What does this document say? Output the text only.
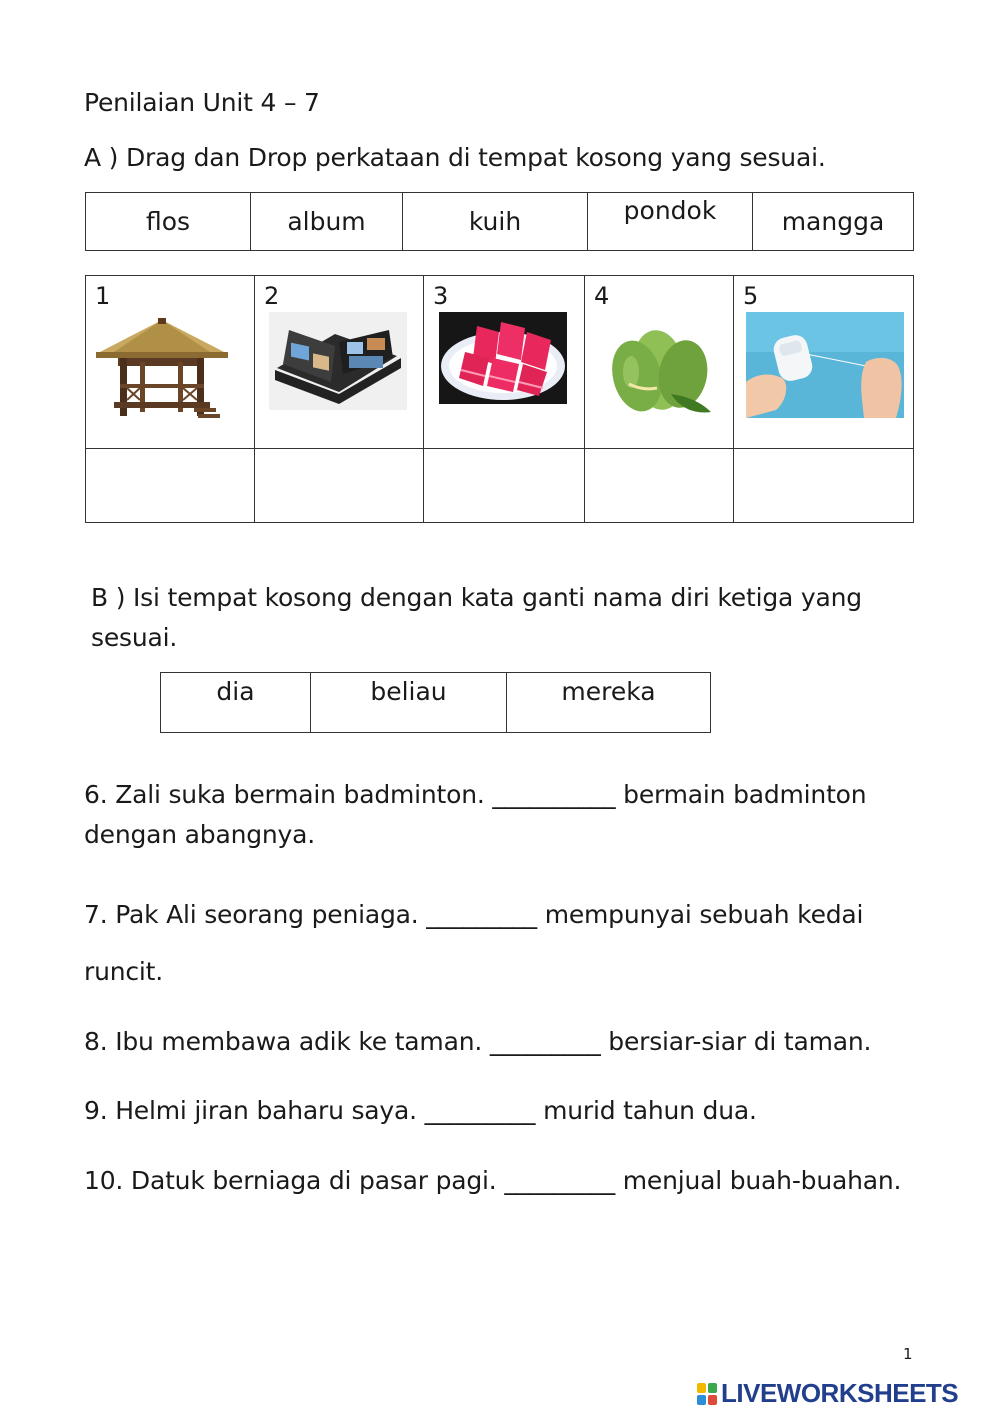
Penilaian Unit 4 – 7
A ) Drag dan Drop perkataan di tempat kosong yang sesuai.
flos	album	kuih	pondok	mangga
1	2	3	4	5

B ) Isi tempat kosong dengan kata ganti nama diri ketiga yang
sesuai.
dia	beliau	mereka
6. Zali suka bermain badminton. __________ bermain badminton
dengan abangnya.
7. Pak Ali seorang peniaga. _________ mempunyai sebuah kedai
runcit.
8. Ibu membawa adik ke taman. _________ bersiar-siar di taman.
9. Helmi jiran baharu saya. _________ murid tahun dua.
10. Datuk berniaga di pasar pagi. _________ menjual buah-buahan.
1
LIVEWORKSHEETS
